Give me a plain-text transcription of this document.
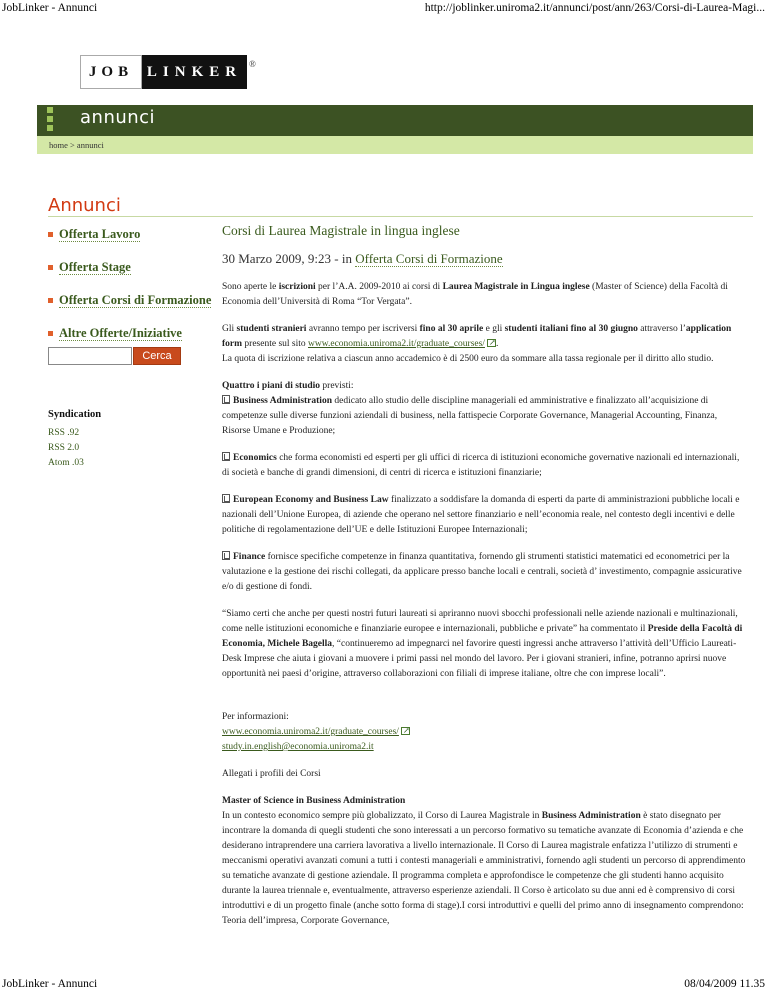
JobLinker - Annunci	http://joblinker.uniroma2.it/annunci/post/ann/263/Corsi-di-Laurea-Magi...
JOB LINKER ®
annunci
home > annunci
Annunci
Offerta Lavoro
Offerta Stage
Offerta Corsi di Formazione
Altre Offerte/Iniziative
Cerca
Syndication
RSS .92
RSS 2.0
Atom .03
Corsi di Laurea Magistrale in lingua inglese
30 Marzo 2009, 9:23 - in Offerta Corsi di Formazione

Sono aperte le iscrizioni per l’A.A. 2009-2010 ai corsi di Laurea Magistrale in Lingua inglese (Master of Science) della Facoltà di Economia dell’Università di Roma “Tor Vergata”.

Gli studenti stranieri avranno tempo per iscriversi fino al 30 aprile e gli studenti italiani fino al 30 giugno attraverso l’application form presente sul sito www.economia.uniroma2.it/graduate_courses/↗ .
La quota di iscrizione relativa a ciascun anno accademico è di 2500 euro da sommare alla tassa regionale per il diritto allo studio.

Quattro i piani di studio previsti:
Business Administration dedicato allo studio delle discipline manageriali ed amministrative e finalizzato all’acquisizione di competenze sulle diverse funzioni aziendali di business, nella fattispecie Corporate Governance, Managerial Accounting, Finanza, Risorse Umane e Produzione;

Economics che forma economisti ed esperti per gli uffici di ricerca di istituzioni economiche governative nazionali ed internazionali, di società e banche di grandi dimensioni, di centri di ricerca e istituzioni finanziarie;

European Economy and Business Law finalizzato a soddisfare la domanda di esperti da parte di amministrazioni pubbliche locali e nazionali dell’Unione Europea, di aziende che operano nel settore finanziario e nell’economia reale, nel contesto degli incentivi e delle politiche di regolamentazione dell’UE e delle Istituzioni Europee Internazionali;

Finance fornisce specifiche competenze in finanza quantitativa, fornendo gli strumenti statistici matematici ed econometrici per la valutazione e la gestione dei rischi collegati, da applicare presso banche locali e centrali, società d’ investimento, compagnie assicurative e/o di gestione di fondi.

“Siamo certi che anche per questi nostri futuri laureati si apriranno nuovi sbocchi professionali nelle aziende nazionali e multinazionali, come nelle istituzioni economiche e finanziarie europee e internazionali, pubbliche e private” ha commentato il Preside della Facoltà di Economia, Michele Bagella, “continueremo ad impegnarci nel favorire questi ingressi anche attraverso l’attività dell’Ufficio Laureati-Desk Imprese che aiuta i giovani a muovere i primi passi nel mondo del lavoro. Per i giovani stranieri, infine, potranno aprirsi nuove opportunità nei paesi d’origine, attraverso collaborazioni con filiali di imprese italiane, oltre che con imprese locali”.

Per informazioni:
www.economia.uniroma2.it/graduate_courses/↗
study.in.english@economia.uniroma2.it

Allegati i profili dei Corsi

Master of Science in Business Administration
In un contesto economico sempre più globalizzato, il Corso di Laurea Magistrale in Business Administration è stato disegnato per incontrare la domanda di quegli studenti che sono interessati a un percorso formativo su tematiche avanzate di Economia d’azienda e che desiderano intraprendere una carriera lavorativa a livello internazionale. Il Corso di Laurea magistrale enfatizza l’utilizzo di strumenti e meccanismi operativi avanzati comuni a tutti i contesti manageriali e amministrativi, fornendo agli studenti un percorso di apprendimento su tematiche avanzate di gestione aziendale. Il programma completa e approfondisce le competenze che gli studenti hanno acquisito durante la laurea triennale e, eventualmente, attraverso esperienze aziendali. Il Corso è articolato su due anni ed è comprensivo di corsi introduttivi e di un progetto finale (anche sotto forma di stage).I corsi introduttivi e quelli del primo anno di insegnamento comprendono: Teoria dell’impresa, Corporate Governance,

JobLinker - Annunci	08/04/2009 11.35
